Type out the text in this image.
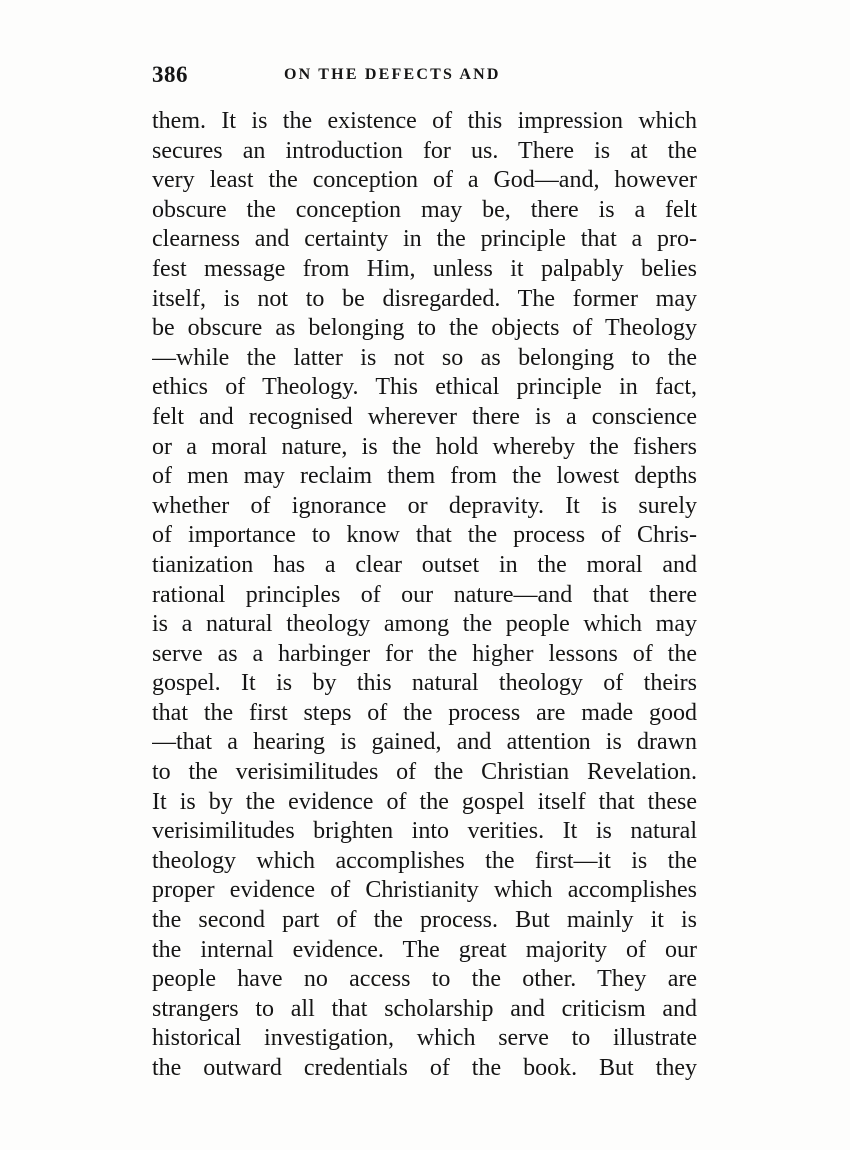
386	ON THE DEFECTS AND
them. It is the existence of this impression which
secures an introduction for us. There is at the
very least the conception of a God—and, however
obscure the conception may be, there is a felt
clearness and certainty in the principle that a pro-
fest message from Him, unless it palpably belies
itself, is not to be disregarded. The former may
be obscure as belonging to the objects of Theology
—while the latter is not so as belonging to the
ethics of Theology. This ethical principle in fact,
felt and recognised wherever there is a conscience
or a moral nature, is the hold whereby the fishers
of men may reclaim them from the lowest depths
whether of ignorance or depravity. It is surely
of importance to know that the process of Chris-
tianization has a clear outset in the moral and
rational principles of our nature—and that there
is a natural theology among the people which may
serve as a harbinger for the higher lessons of the
gospel. It is by this natural theology of theirs
that the first steps of the process are made good
—that a hearing is gained, and attention is drawn
to the verisimilitudes of the Christian Revelation.
It is by the evidence of the gospel itself that these
verisimilitudes brighten into verities. It is natural
theology which accomplishes the first—it is the
proper evidence of Christianity which accomplishes
the second part of the process. But mainly it is
the internal evidence. The great majority of our
people have no access to the other. They are
strangers to all that scholarship and criticism and
historical investigation, which serve to illustrate
the outward credentials of the book. But they
